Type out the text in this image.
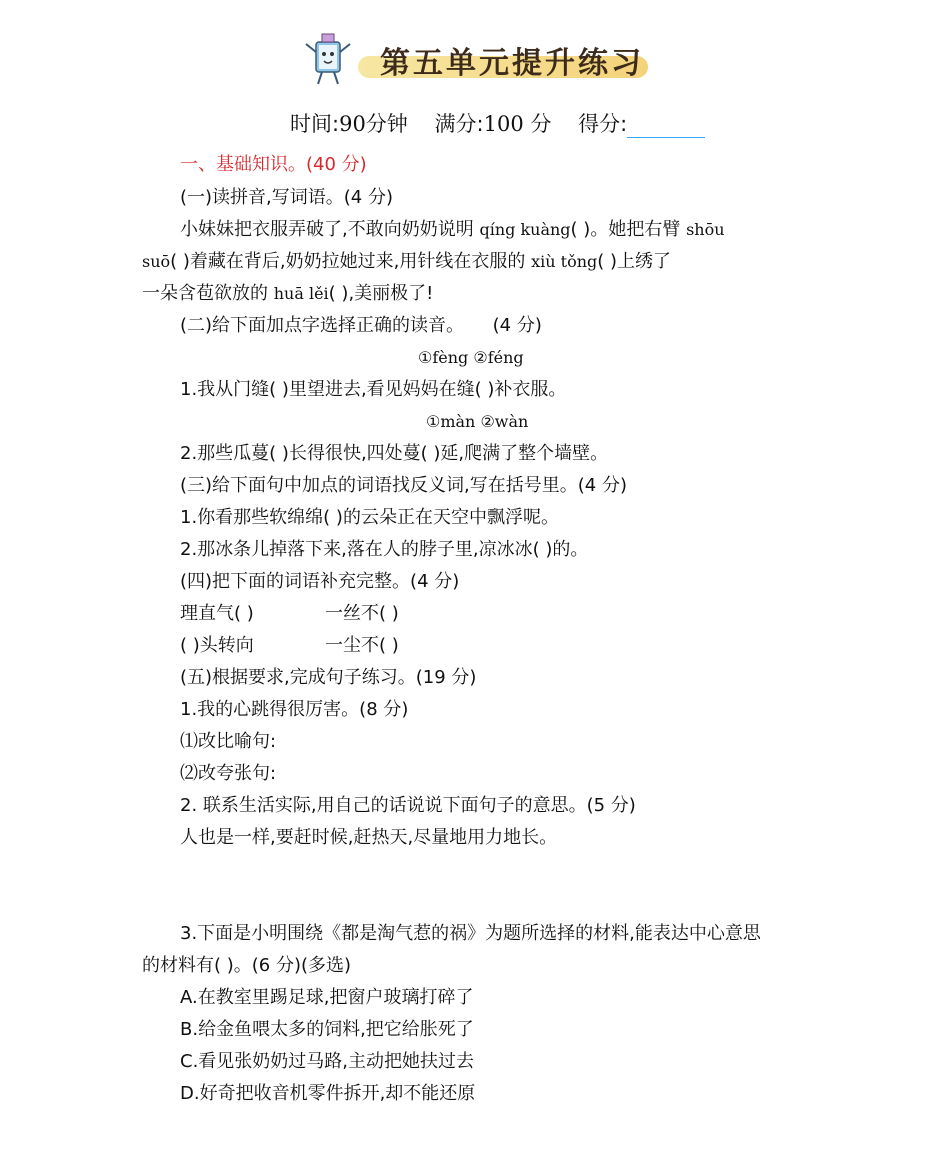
第五单元提升练习
时间:90分钟 满分:100 分 得分:
一、基础知识。(40 分)
(一)读拼音,写词语。(4 分)
小妹妹把衣服弄破了,不敢向奶奶说明 qíng kuàng( )。她把右臂 shōu
suō( )着藏在背后,奶奶拉她过来,用针线在衣服的 xiù tǒng( )上绣了
一朵含苞欲放的 huā lěi( ),美丽极了!
(二)给下面加点字选择正确的读音。 (4 分)
①fèng ②féng
1.我从门缝( )里望进去,看见妈妈在缝( )补衣服。
①màn ②wàn
2.那些瓜蔓( )长得很快,四处蔓( )延,爬满了整个墙壁。
(三)给下面句中加点的词语找反义词,写在括号里。(4 分)
1.你看那些软绵绵( )的云朵正在天空中飘浮呢。
2.那冰条儿掉落下来,落在人的脖子里,凉冰冰( )的。
(四)把下面的词语补充完整。(4 分)
理直气( )	一丝不( )
( )头转向	一尘不( )
(五)根据要求,完成句子练习。(19 分)
1.我的心跳得很厉害。(8 分)
⑴改比喻句:
⑵改夸张句:
2. 联系生活实际,用自己的话说说下面句子的意思。(5 分)
人也是一样,要赶时候,赶热天,尽量地用力地长。
3.下面是小明围绕《都是淘气惹的祸》为题所选择的材料,能表达中心意思
的材料有( )。(6 分)(多选)
A.在教室里踢足球,把窗户玻璃打碎了
B.给金鱼喂太多的饲料,把它给胀死了
C.看见张奶奶过马路,主动把她扶过去
D.好奇把收音机零件拆开,却不能还原
